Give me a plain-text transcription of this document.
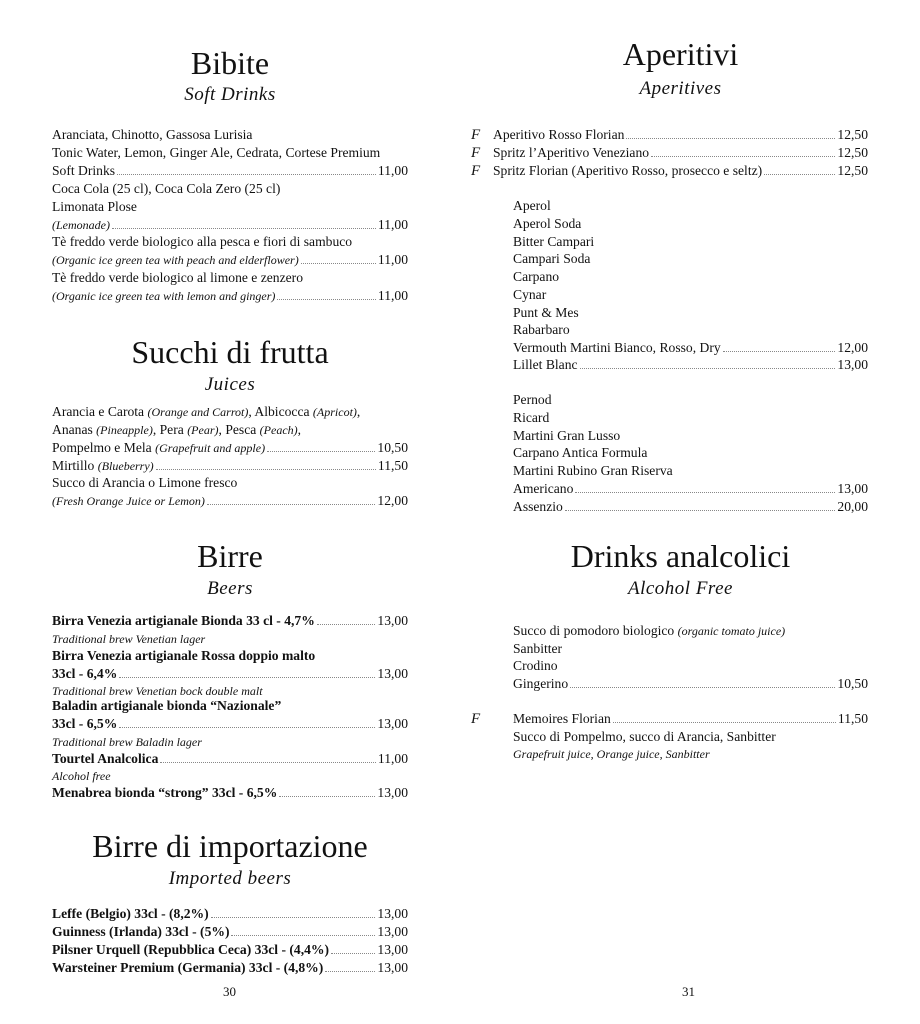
Bibite
Soft Drinks
Aranciata, Chinotto, Gassosa Lurisia
Tonic Water, Lemon, Ginger Ale, Cedrata, Cortese Premium
Soft Drinks	11,00
Coca Cola (25 cl), Coca Cola Zero (25 cl)
Limonata Plose
(Lemonade)	11,00
Tè freddo verde biologico alla pesca e fiori di sambuco
(Organic ice green tea with peach and elderflower)	11,00
Tè freddo verde biologico al limone e zenzero
(Organic ice green tea with lemon and ginger)	11,00
Succhi di frutta
Juices
Arancia e Carota (Orange and Carrot), Albicocca (Apricot),
Ananas (Pineapple), Pera (Pear), Pesca (Peach),
Pompelmo e Mela (Grapefruit and apple)	10,50
Mirtillo (Blueberry)	11,50
Succo di Arancia o Limone fresco
(Fresh Orange Juice or Lemon)	12,00
Birre
Beers
Birra Venezia artigianale Bionda 33 cl - 4,7%	13,00
Traditional brew Venetian lager
Birra Venezia artigianale Rossa doppio malto
33cl - 6,4%	13,00
Traditional brew Venetian bock double malt
Baladin artigianale bionda “Nazionale”
33cl - 6,5%	13,00
Traditional brew Baladin lager
Tourtel Analcolica	11,00
Alcohol free
Menabrea bionda “strong” 33cl - 6,5%	13,00
Birre di importazione
Imported beers
Leffe (Belgio) 33cl - (8,2%)	13,00
Guinness (Irlanda) 33cl - (5%)	13,00
Pilsner Urquell (Repubblica Ceca) 33cl - (4,4%)	13,00
Warsteiner Premium (Germania) 33cl - (4,8%)	13,00
30
Aperitivi
Aperitives
F Aperitivo Rosso Florian	12,50
F Spritz l’Aperitivo Veneziano	12,50
F Spritz Florian (Aperitivo Rosso, prosecco e seltz)	12,50
Aperol
Aperol Soda
Bitter Campari
Campari Soda
Carpano
Cynar
Punt & Mes
Rabarbaro
Vermouth Martini Bianco, Rosso, Dry	12,00
Lillet Blanc	13,00
Pernod
Ricard
Martini Gran Lusso
Carpano Antica Formula
Martini Rubino Gran Riserva
Americano	13,00
Assenzio	20,00
Drinks analcolici
Alcohol Free
Succo di pomodoro biologico (organic tomato juice)
Sanbitter
Crodino
Gingerino	10,50
F Memoires Florian	11,50
Succo di Pompelmo, succo di Arancia, Sanbitter
Grapefruit juice, Orange juice, Sanbitter
31
